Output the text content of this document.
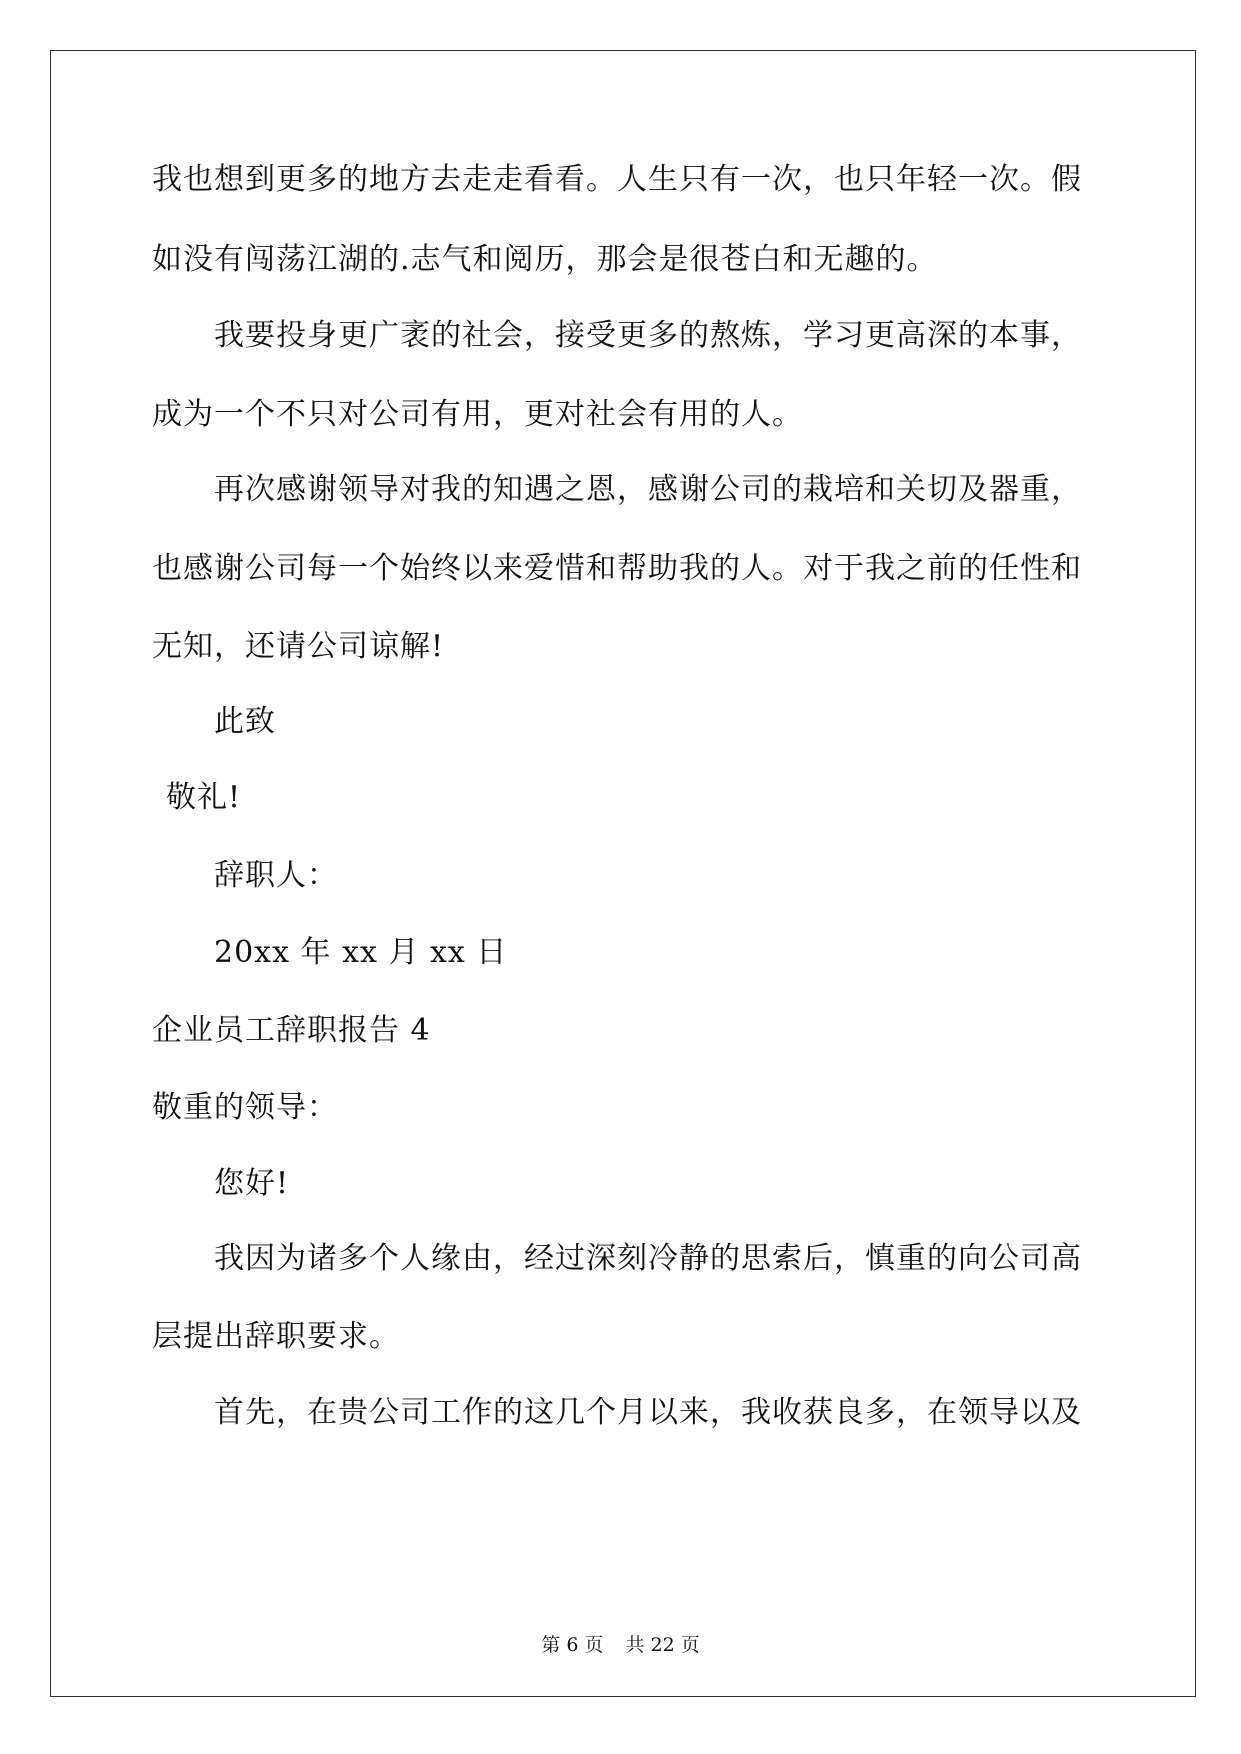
我也想到更多的地方去走走看看。人生只有一次，也只年轻一次。假
如没有闯荡江湖的.志气和阅历，那会是很苍白和无趣的。
我要投身更广袤的社会，接受更多的熬炼，学习更高深的本事，
成为一个不只对公司有用，更对社会有用的人。
再次感谢领导对我的知遇之恩，感谢公司的栽培和关切及器重，
也感谢公司每一个始终以来爱惜和帮助我的人。对于我之前的任性和
无知，还请公司谅解!
此致
敬礼!
辞职人：
20xx 年 xx 月 xx 日
企业员工辞职报告 4
敬重的领导：
您好!
我因为诸多个人缘由，经过深刻冷静的思索后，慎重的向公司高
层提出辞职要求。
首先，在贵公司工作的这几个月以来，我收获良多，在领导以及
第 6 页 共 22 页
